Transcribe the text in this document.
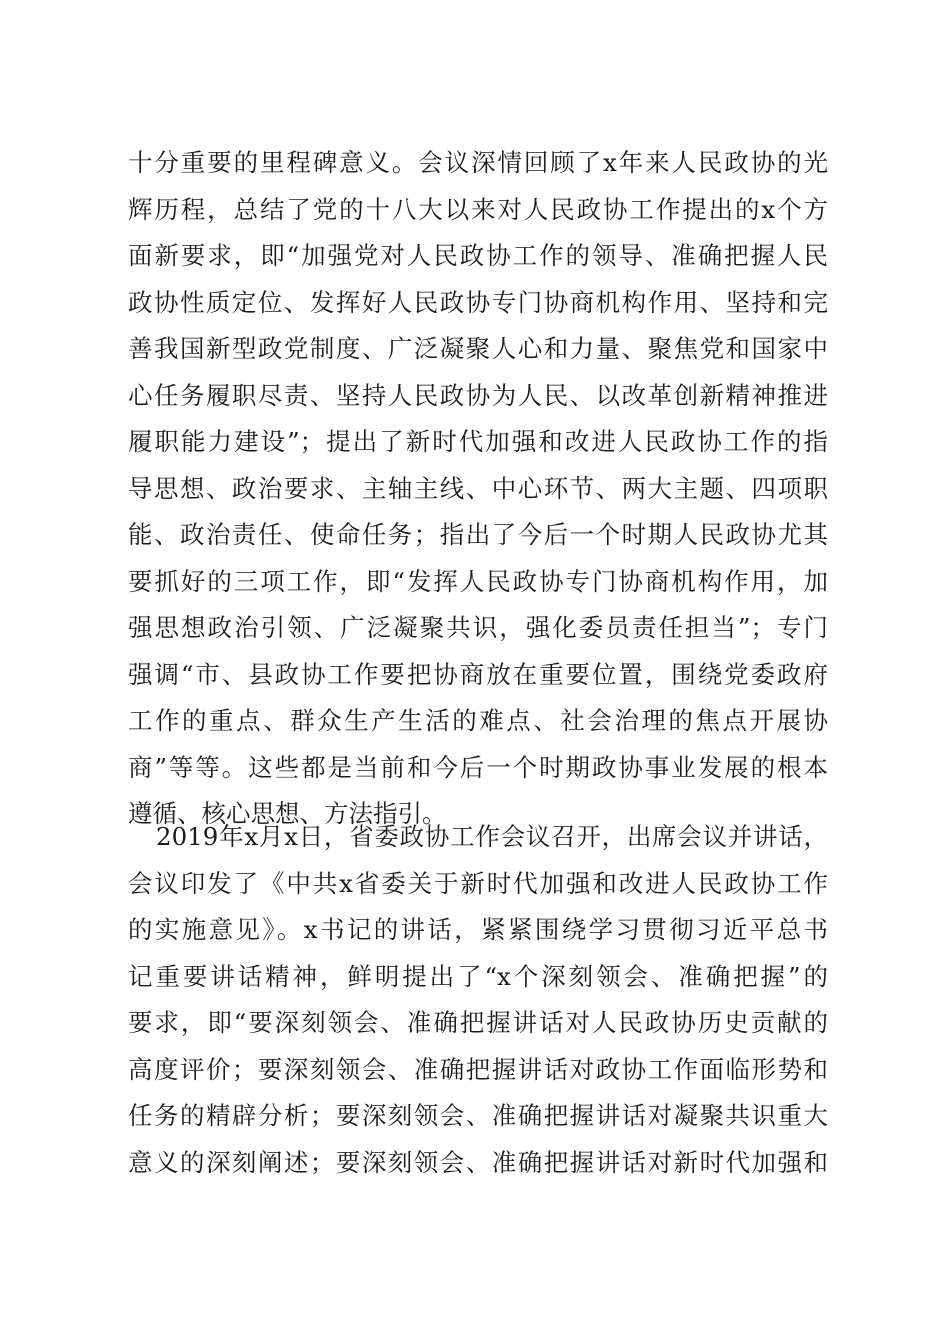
十分重要的里程碑意义。会议深情回顾了x年来人民政协的光
辉历程，总结了党的十八大以来对人民政协工作提出的x个方
面新要求，即“加强党对人民政协工作的领导、准确把握人民
政协性质定位、发挥好人民政协专门协商机构作用、坚持和完
善我国新型政党制度、广泛凝聚人心和力量、聚焦党和国家中
心任务履职尽责、坚持人民政协为人民、以改革创新精神推进
履职能力建设”；提出了新时代加强和改进人民政协工作的指
导思想、政治要求、主轴主线、中心环节、两大主题、四项职
能、政治责任、使命任务；指出了今后一个时期人民政协尤其
要抓好的三项工作，即“发挥人民政协专门协商机构作用，加
强思想政治引领、广泛凝聚共识，强化委员责任担当”；专门
强调“市、县政协工作要把协商放在重要位置，围绕党委政府
工作的重点、群众生产生活的难点、社会治理的焦点开展协
商”等等。这些都是当前和今后一个时期政协事业发展的根本
遵循、核心思想、方法指引。
2019年x月x日，省委政协工作会议召开，出席会议并讲话，
会议印发了《中共x省委关于新时代加强和改进人民政协工作
的实施意见》。x书记的讲话，紧紧围绕学习贯彻习近平总书
记重要讲话精神，鲜明提出了“x个深刻领会、准确把握”的
要求，即“要深刻领会、准确把握讲话对人民政协历史贡献的
高度评价；要深刻领会、准确把握讲话对政协工作面临形势和
任务的精辟分析；要深刻领会、准确把握讲话对凝聚共识重大
意义的深刻阐述；要深刻领会、准确把握讲话对新时代加强和
